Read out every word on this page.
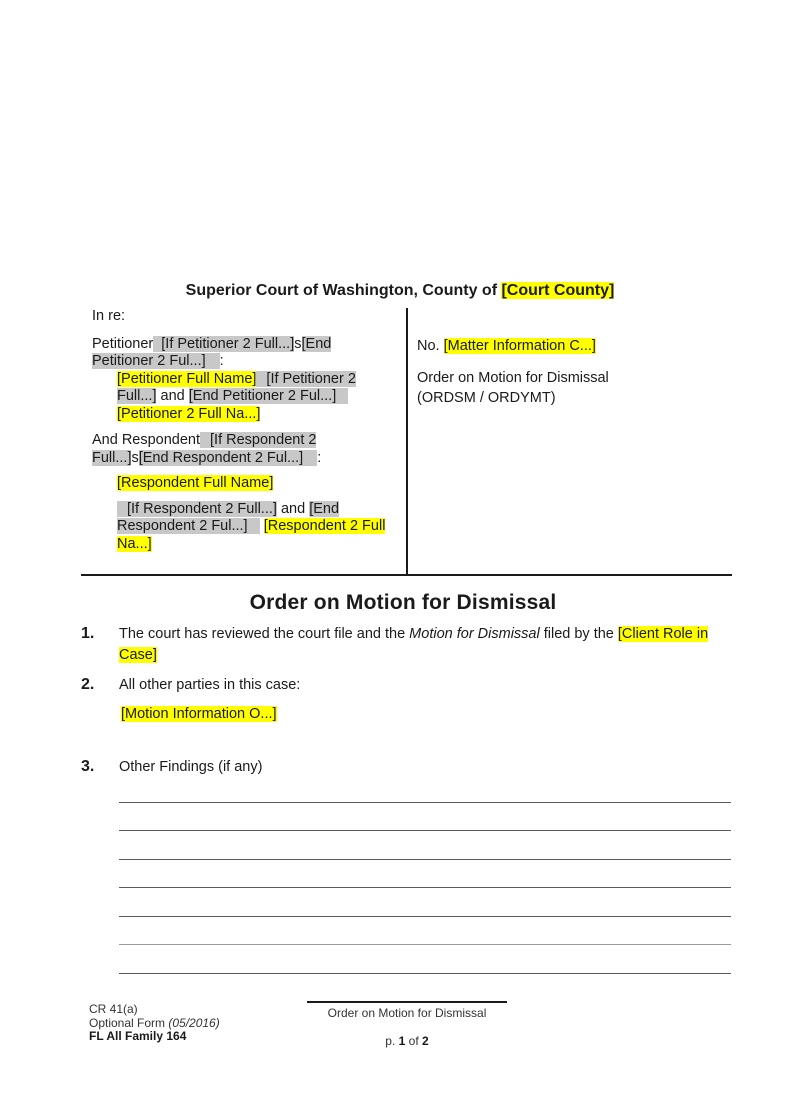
Superior Court of Washington, County of [Court County]

In re:

Petitioner [If Petitioner 2 Full...]s[End Petitioner 2 Ful...] :

[Petitioner Full Name] [If Petitioner 2 Full...] and [End Petitioner 2 Ful...]    [Petitioner 2 Full Na...]

And Respondent [If Respondent 2 Full...]s[End Respondent 2 Ful...] :

[Respondent Full Name]

[If Respondent 2 Full...] and [End Respondent 2 Ful...] [Respondent 2 Full Na...]

No. [Matter Information C...]

Order on Motion for Dismissal

(ORDSM / ORDYMT)

Order on Motion for Dismissal
1. The court has reviewed the court file and the Motion for Dismissal filed by the [Client Role in Case]
2. All other parties in this case:
[Motion Information O...]
3. Other Findings (if any)
CR 41(a)
Optional Form (05/2016)
FL All Family 164
Order on Motion for Dismissal
p. 1 of 2
